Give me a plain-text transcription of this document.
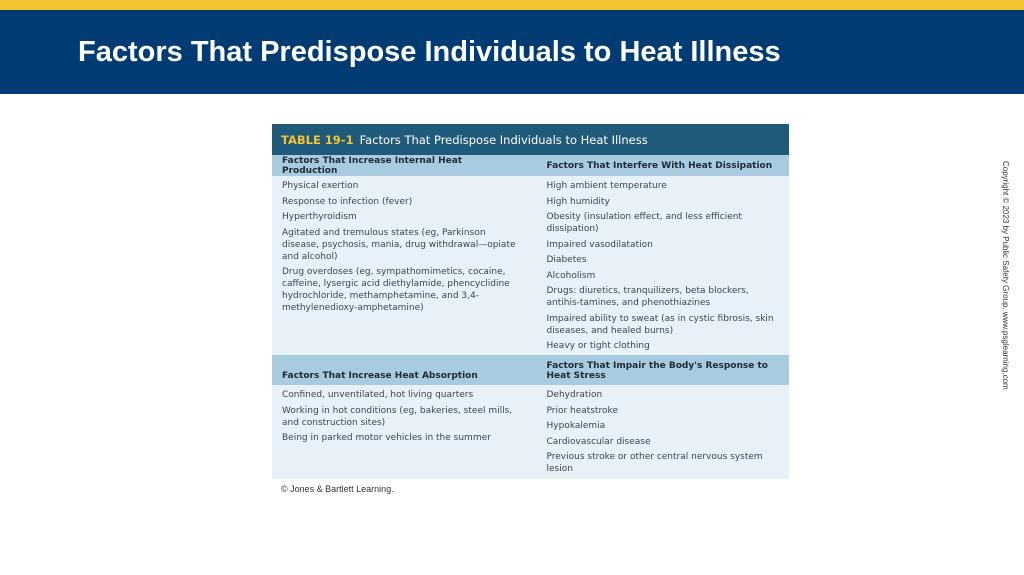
Factors That Predispose Individuals to Heat Illness
TABLE 19-1 Factors That Predispose Individuals to Heat Illness
Factors That Increase Internal Heat Production	Factors That Interfere With Heat Dissipation
Physical exertion
Response to infection (fever)
Hyperthyroidism
Agitated and tremulous states (eg, Parkinson disease, psychosis, mania, drug withdrawal—opiate and alcohol)
Drug overdoses (eg, sympathomimetics, cocaine, caffeine, lysergic acid diethylamide, phencyclidine hydrochloride, methamphetamine, and 3,4-methylenedioxy-amphetamine)
High ambient temperature
High humidity
Obesity (insulation effect, and less efficient dissipation)
Impaired vasodilatation
Diabetes
Alcoholism
Drugs: diuretics, tranquilizers, beta blockers, antihis-tamines, and phenothiazines
Impaired ability to sweat (as in cystic fibrosis, skin diseases, and healed burns)
Heavy or tight clothing
Factors That Increase Heat Absorption
Factors That Impair the Body's Response to Heat Stress
Confined, unventilated, hot living quarters
Working in hot conditions (eg, bakeries, steel mills, and construction sites)
Being in parked motor vehicles in the summer
Dehydration
Prior heatstroke
Hypokalemia
Cardiovascular disease
Previous stroke or other central nervous system lesion
© Jones & Bartlett Learning.
Copyright © 2023 by Public Safety Group. www.psglearning.com
